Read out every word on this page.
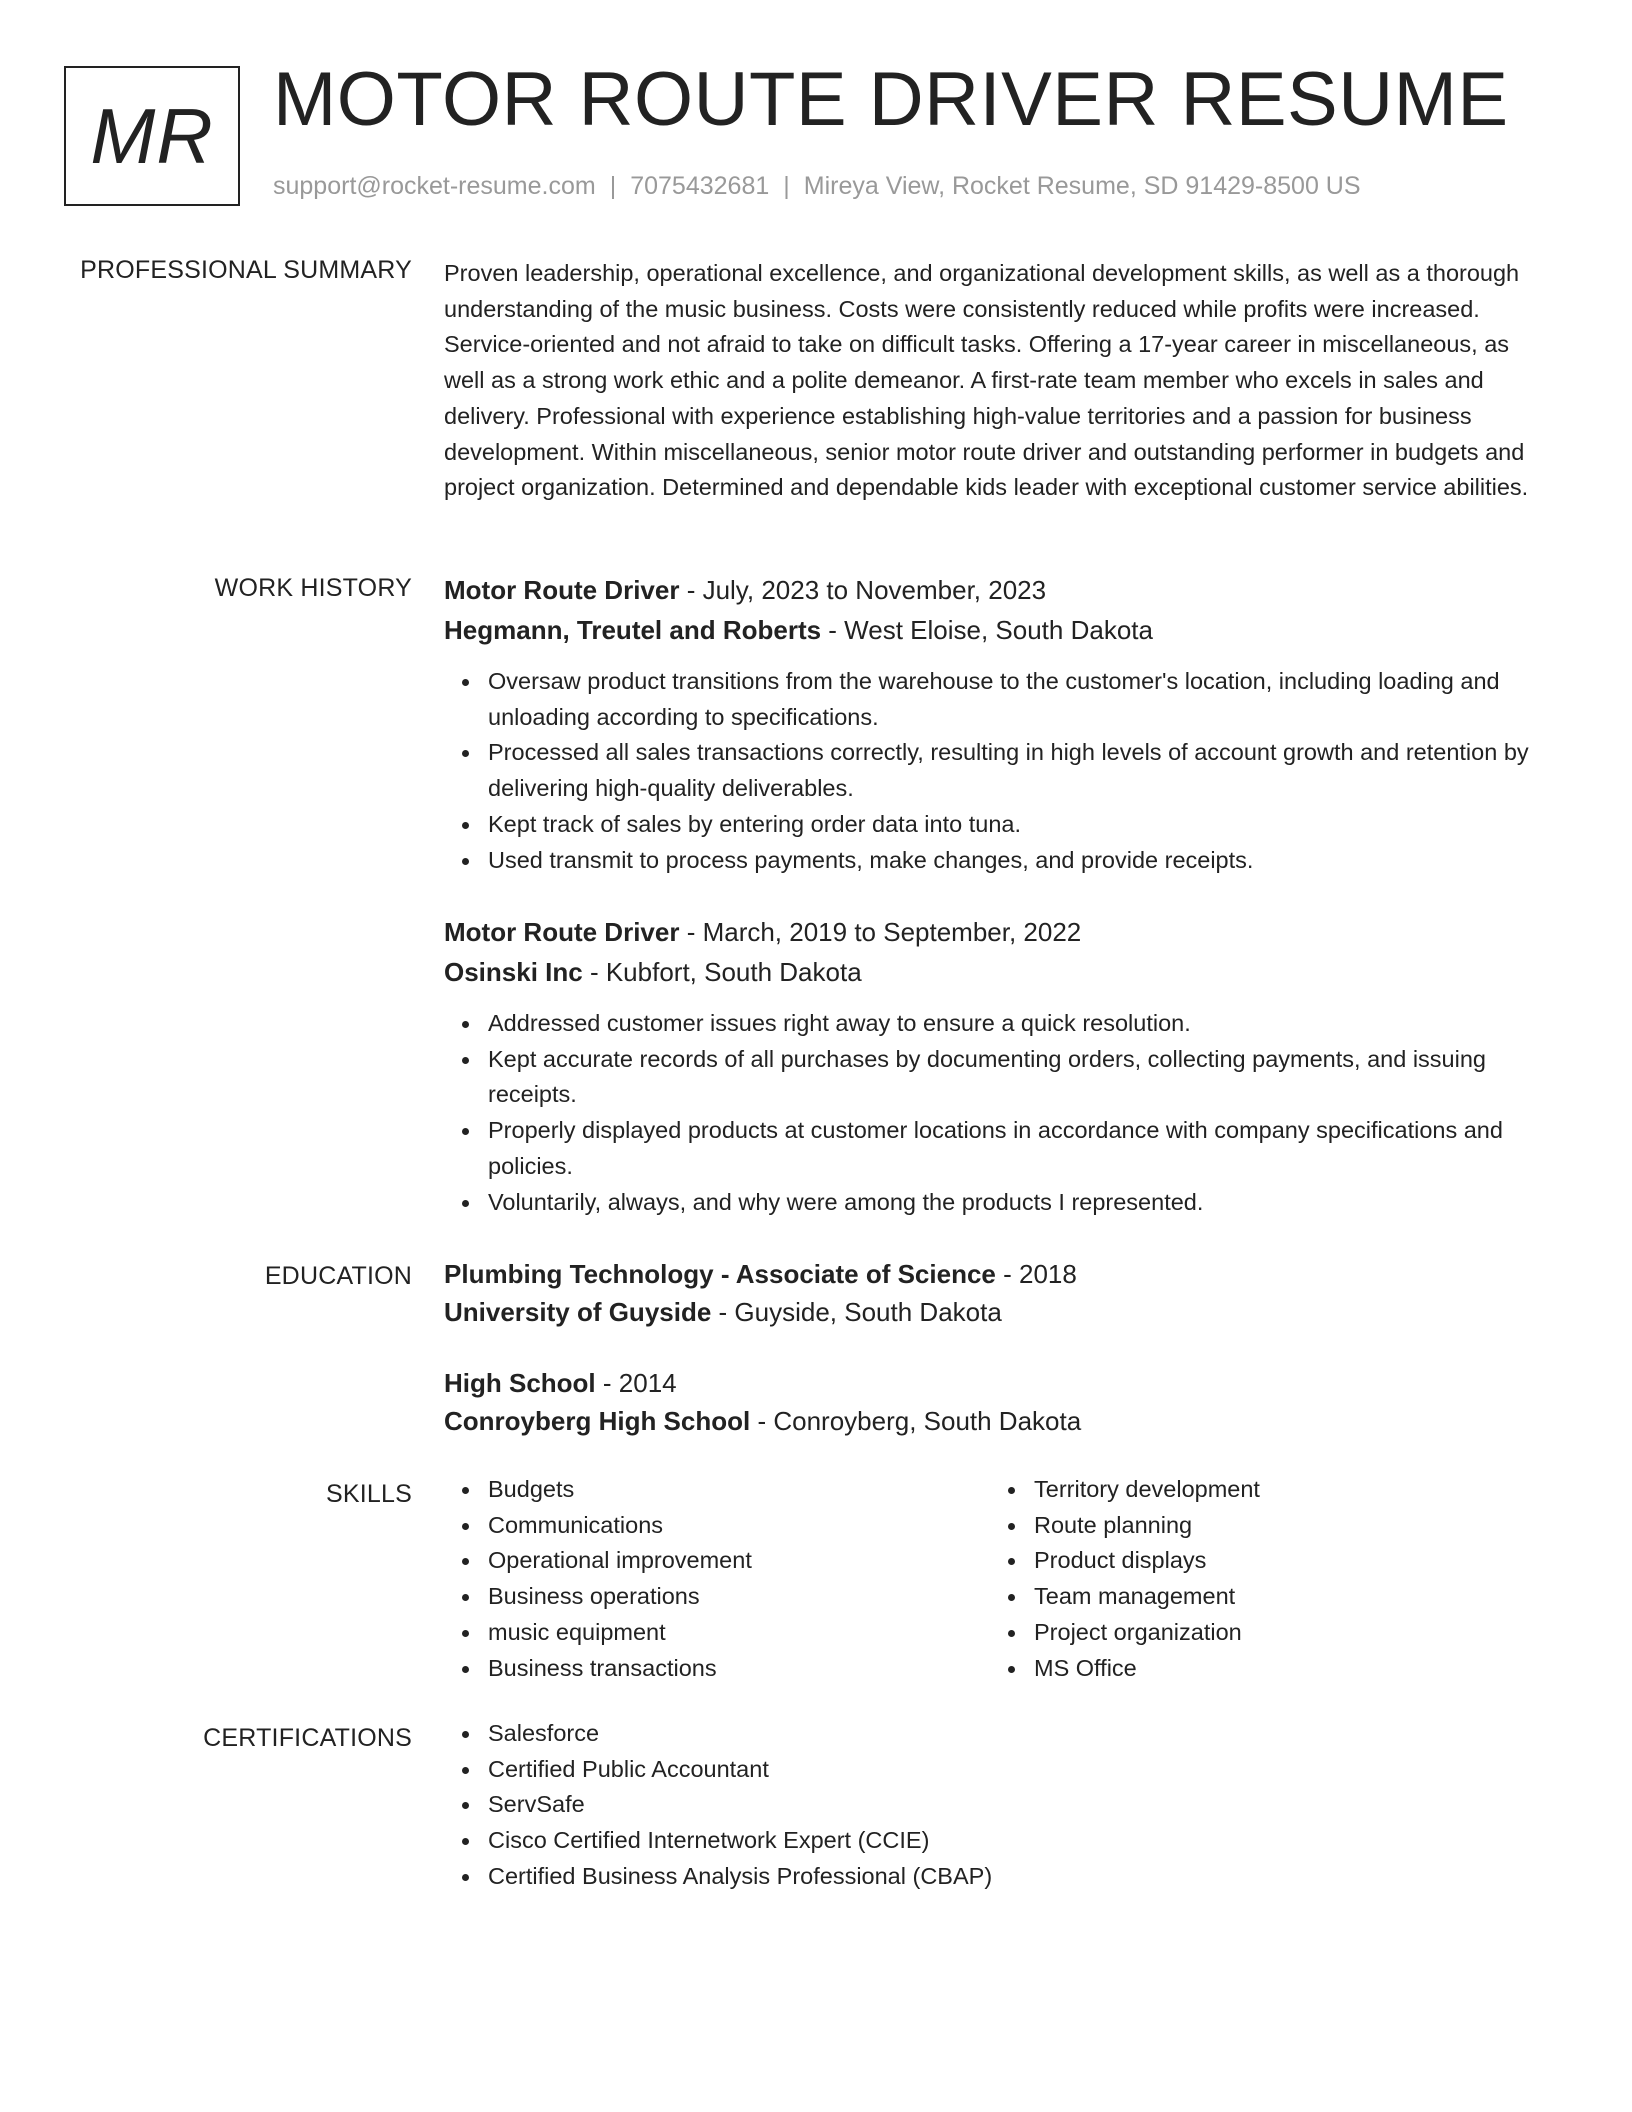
MR MOTOR ROUTE DRIVER RESUME
support@rocket-resume.com | 7075432681 | Mireya View, Rocket Resume, SD 91429-8500 US
PROFESSIONAL SUMMARY Proven leadership, operational excellence, and organizational development skills, as well as a thorough understanding of the music business. Costs were consistently reduced while profits were increased. Service-oriented and not afraid to take on difficult tasks. Offering a 17-year career in miscellaneous, as well as a strong work ethic and a polite demeanor. A first-rate team member who excels in sales and delivery. Professional with experience establishing high-value territories and a passion for business development. Within miscellaneous, senior motor route driver and outstanding performer in budgets and project organization. Determined and dependable kids leader with exceptional customer service abilities.

WORK HISTORY Motor Route Driver - July, 2023 to November, 2023
Hegmann, Treutel and Roberts - West Eloise, South Dakota
Oversaw product transitions from the warehouse to the customer's location, including loading and unloading according to specifications.
Processed all sales transactions correctly, resulting in high levels of account growth and retention by delivering high-quality deliverables.
Kept track of sales by entering order data into tuna.
Used transmit to process payments, make changes, and provide receipts.
Motor Route Driver - March, 2019 to September, 2022
Osinski Inc - Kubfort, South Dakota
Addressed customer issues right away to ensure a quick resolution.
Kept accurate records of all purchases by documenting orders, collecting payments, and issuing receipts.
Properly displayed products at customer locations in accordance with company specifications and policies.
Voluntarily, always, and why were among the products I represented.
EDUCATION Plumbing Technology - Associate of Science - 2018
University of Guyside - Guyside, South Dakota
High School - 2014
Conroyberg High School - Conroyberg, South Dakota
SKILLS	Budgets
Communications
Operational improvement
Business operations
music equipment
Business transactions
Territory development
Route planning
Product displays
Team management
Project organization
MS Office
CERTIFICATIONS	Salesforce
Certified Public Accountant
ServSafe
Cisco Certified Internetwork Expert (CCIE)
Certified Business Analysis Professional (CBAP)
